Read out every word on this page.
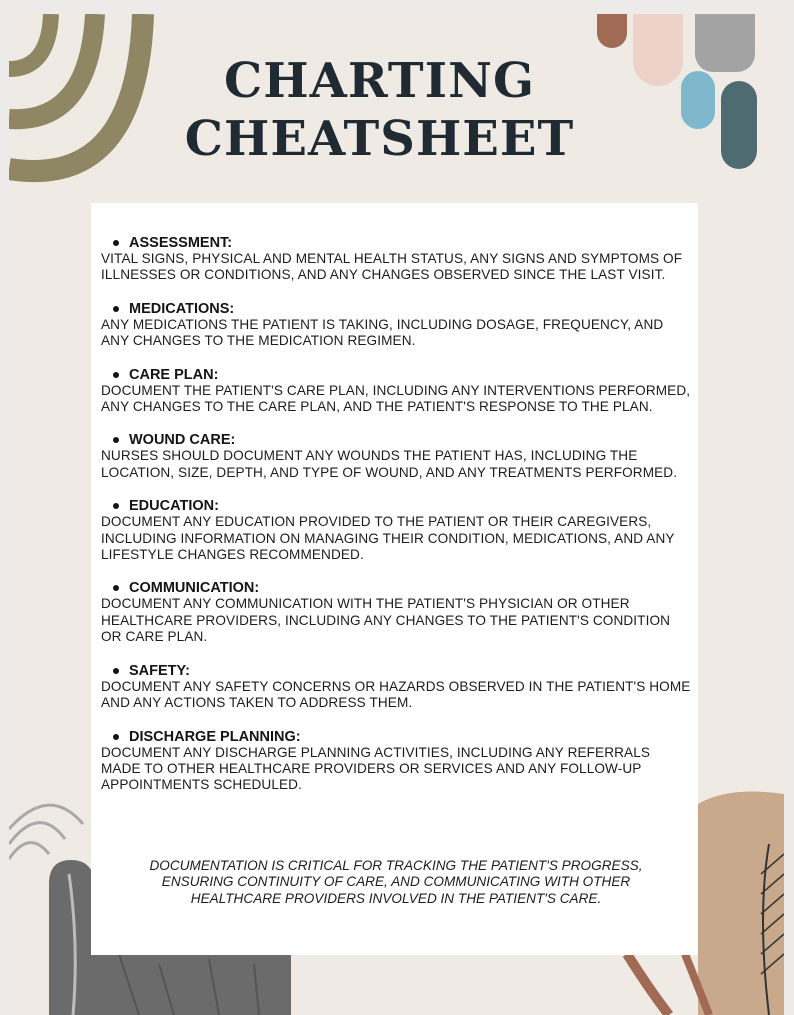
CHARTING
CHEATSHEET
ASSESSMENT:
VITAL SIGNS, PHYSICAL AND MENTAL HEALTH STATUS, ANY SIGNS AND SYMPTOMS OF ILLNESSES OR CONDITIONS, AND ANY CHANGES OBSERVED SINCE THE LAST VISIT.
MEDICATIONS:
ANY MEDICATIONS THE PATIENT IS TAKING, INCLUDING DOSAGE, FREQUENCY, AND ANY CHANGES TO THE MEDICATION REGIMEN.
CARE PLAN:
DOCUMENT THE PATIENT'S CARE PLAN, INCLUDING ANY INTERVENTIONS PERFORMED, ANY CHANGES TO THE CARE PLAN, AND THE PATIENT'S RESPONSE TO THE PLAN.
WOUND CARE:
NURSES SHOULD DOCUMENT ANY WOUNDS THE PATIENT HAS, INCLUDING THE LOCATION, SIZE, DEPTH, AND TYPE OF WOUND, AND ANY TREATMENTS PERFORMED.
EDUCATION:
DOCUMENT ANY EDUCATION PROVIDED TO THE PATIENT OR THEIR CAREGIVERS, INCLUDING INFORMATION ON MANAGING THEIR CONDITION, MEDICATIONS, AND ANY LIFESTYLE CHANGES RECOMMENDED.
COMMUNICATION:
DOCUMENT ANY COMMUNICATION WITH THE PATIENT'S PHYSICIAN OR OTHER HEALTHCARE PROVIDERS, INCLUDING ANY CHANGES TO THE PATIENT'S CONDITION OR CARE PLAN.
SAFETY:
DOCUMENT ANY SAFETY CONCERNS OR HAZARDS OBSERVED IN THE PATIENT'S HOME AND ANY ACTIONS TAKEN TO ADDRESS THEM.
DISCHARGE PLANNING:
DOCUMENT ANY DISCHARGE PLANNING ACTIVITIES, INCLUDING ANY REFERRALS MADE TO OTHER HEALTHCARE PROVIDERS OR SERVICES AND ANY FOLLOW-UP APPOINTMENTS SCHEDULED.
DOCUMENTATION IS CRITICAL FOR TRACKING THE PATIENT'S PROGRESS, ENSURING CONTINUITY OF CARE, AND COMMUNICATING WITH OTHER HEALTHCARE PROVIDERS INVOLVED IN THE PATIENT'S CARE.
